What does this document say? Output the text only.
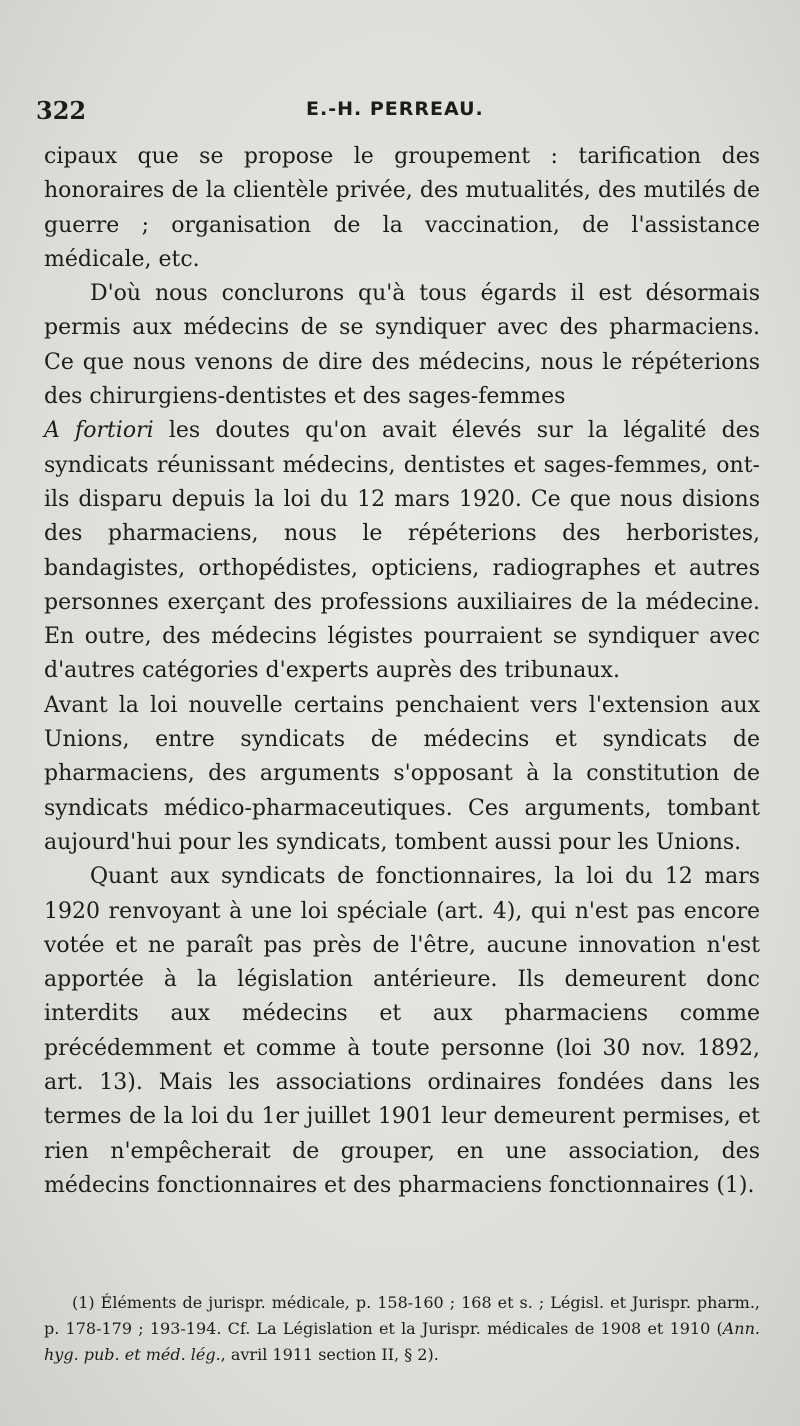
322	E.-H. PERREAU.

cipaux que se propose le groupement : tarification des honoraires de la clientèle privée, des mutualités, des mutilés de guerre ; organisation de la vaccination, de l'assistance médicale, etc.

D'où nous conclurons qu'à tous égards il est désormais permis aux médecins de se syndiquer avec des pharmaciens. Ce que nous venons de dire des médecins, nous le répéterions des chirurgiens-dentistes et des sages-femmes

A fortiori les doutes qu'on avait élevés sur la légalité des syndicats réunissant médecins, dentistes et sages-femmes, ont-ils disparu depuis la loi du 12 mars 1920. Ce que nous disions des pharmaciens, nous le répéterions des herboristes, bandagistes, orthopédistes, opticiens, radiographes et autres personnes exerçant des professions auxiliaires de la médecine. En outre, des médecins légistes pourraient se syndiquer avec d'autres catégories d'experts auprès des tribunaux.

Avant la loi nouvelle certains penchaient vers l'extension aux Unions, entre syndicats de médecins et syndicats de pharmaciens, des arguments s'opposant à la constitution de syndicats médico-pharmaceutiques. Ces arguments, tombant aujourd'hui pour les syndicats, tombent aussi pour les Unions.

Quant aux syndicats de fonctionnaires, la loi du 12 mars 1920 renvoyant à une loi spéciale (art. 4), qui n'est pas encore votée et ne paraît pas près de l'être, aucune innovation n'est apportée à la législation antérieure. Ils demeurent donc interdits aux médecins et aux pharmaciens comme précédemment et comme à toute personne (loi 30 nov. 1892, art. 13). Mais les associations ordinaires fondées dans les termes de la loi du 1er juillet 1901 leur demeurent permises, et rien n'empêcherait de grouper, en une association, des médecins fonctionnaires et des pharmaciens fonctionnaires (1).

(1) Éléments de jurispr. médicale, p. 158-160 ; 168 et s. ; Législ. et Jurispr. pharm., p. 178-179 ; 193-194. Cf. La Législation et la Jurispr. médicales de 1908 et 1910 (Ann. hyg. pub. et méd. lég., avril 1911 section II, § 2).
